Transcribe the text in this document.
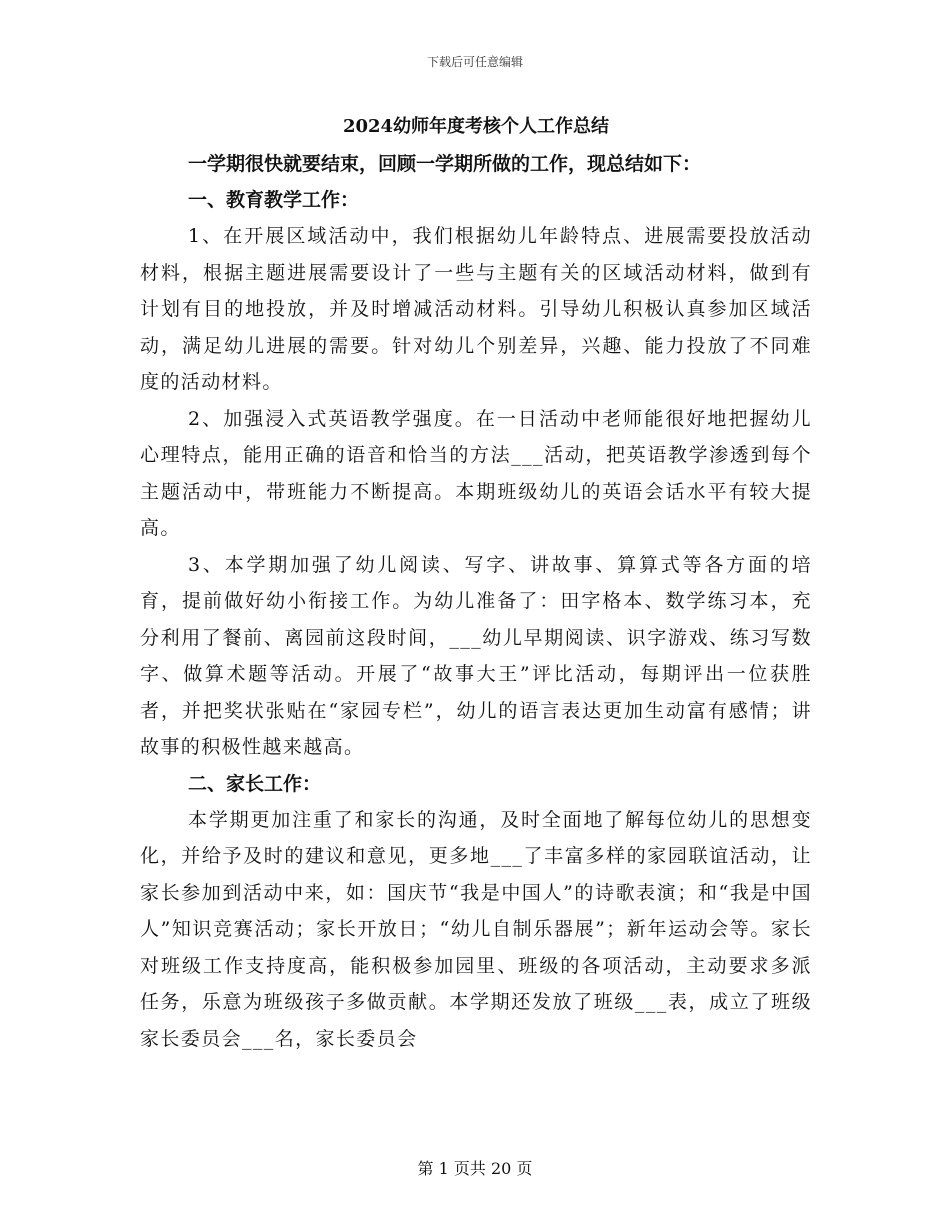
下载后可任意编辑
2024幼师年度考核个人工作总结

一学期很快就要结束，回顾一学期所做的工作，现总结如下：

一、教育教学工作：

1、在开展区域活动中，我们根据幼儿年龄特点、进展需要投放活动材料，根据主题进展需要设计了一些与主题有关的区域活动材料，做到有计划有目的地投放，并及时增减活动材料。引导幼儿积极认真参加区域活动，满足幼儿进展的需要。针对幼儿个别差异，兴趣、能力投放了不同难度的活动材料。

2、加强浸入式英语教学强度。在一日活动中老师能很好地把握幼儿心理特点，能用正确的语音和恰当的方法___活动，把英语教学渗透到每个主题活动中，带班能力不断提高。本期班级幼儿的英语会话水平有较大提高。

3、本学期加强了幼儿阅读、写字、讲故事、算算式等各方面的培育，提前做好幼小衔接工作。为幼儿准备了：田字格本、数学练习本，充分利用了餐前、离园前这段时间，___幼儿早期阅读、识字游戏、练习写数字、做算术题等活动。开展了“故事大王”评比活动，每期评出一位获胜者，并把奖状张贴在“家园专栏”，幼儿的语言表达更加生动富有感情；讲故事的积极性越来越高。

二、家长工作：

本学期更加注重了和家长的沟通，及时全面地了解每位幼儿的思想变化，并给予及时的建议和意见，更多地___了丰富多样的家园联谊活动，让家长参加到活动中来，如：国庆节“我是中国人”的诗歌表演；和“我是中国人”知识竞赛活动；家长开放日；“幼儿自制乐器展”；新年运动会等。家长对班级工作支持度高，能积极参加园里、班级的各项活动，主动要求多派任务，乐意为班级孩子多做贡献。本学期还发放了班级___表，成立了班级家长委员会___名，家长委员会

第 1 页共 20 页
